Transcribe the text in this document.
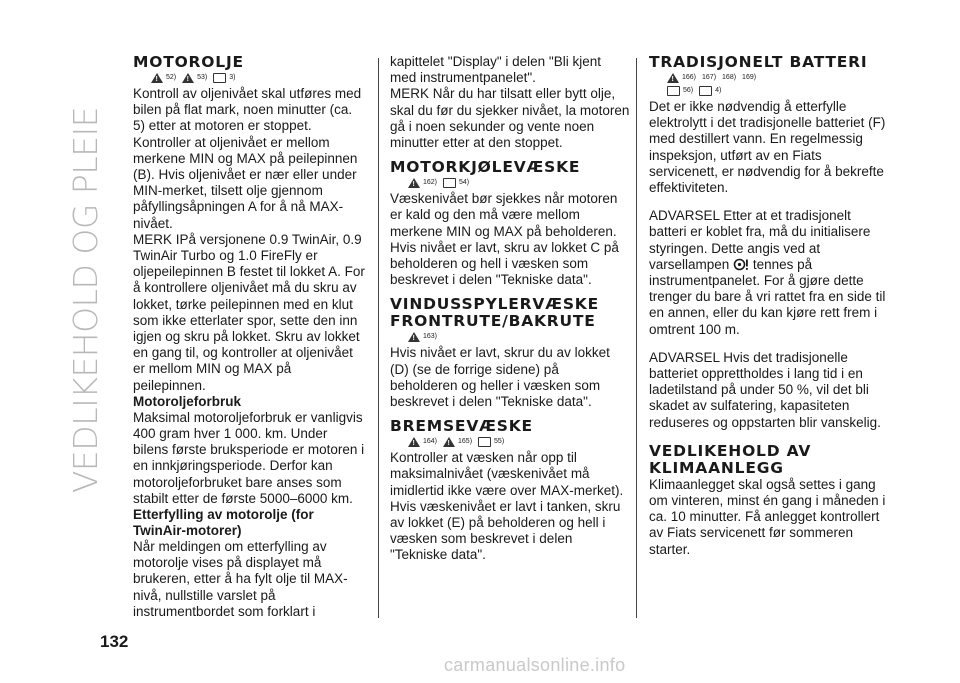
VEDLIKEHOLD OG PLEIE
MOTOROLJE
!
52) !	53)	3)

Kontroll av oljenivået skal utføres med bilen på flat mark, noen minutter (ca. 5) etter at motoren er stoppet.

Kontroller at oljenivået er mellom merkene MIN og MAX på peilepinnen (B). Hvis oljenivået er nær eller under MIN-merket, tilsett olje gjennom påfyllingsåpningen A for å nå MAX-nivået.

MERK IPå versjonene 0.9 TwinAir, 0.9 TwinAir Turbo og 1.0 FireFly er oljepeilepinnen B festet til lokket A. For å kontrollere oljenivået må du skru av lokket, tørke peilepinnen med en klut som ikke etterlater spor, sette den inn igjen og skru på lokket. Skru av lokket en gang til, og kontroller at oljenivået er mellom MIN og MAX på peilepinnen.

Motoroljeforbruk

Maksimal motoroljeforbruk er vanligvis 400 gram hver 1 000. km. Under bilens første bruksperiode er motoren i en innkjøringsperiode. Derfor kan motoroljeforbruket bare anses som stabilt etter de første 5000–6000 km.

Etterfylling av motorolje (for TwinAir-motorer)

Når meldingen om etterfylling av motorolje vises på displayet må brukeren, etter å ha fylt olje til MAX-nivå, nullstille varslet på instrumentbordet som forklart i

kapittelet "Display" i delen "Bli kjent med instrumentpanelet".

MERK Når du har tilsatt eller bytt olje, skal du før du sjekker nivået, la motoren gå i noen sekunder og vente noen minutter etter at den stoppet.

MOTORKJØLEVÆSKE
!
162)	54)

Væskenivået bør sjekkes når motoren er kald og den må være mellom merkene MIN og MAX på beholderen.

Hvis nivået er lavt, skru av lokket C på beholderen og hell i væsken som beskrevet i delen "Tekniske data".

VINDUSSPYLERVÆSKE
FRONTRUTE/BAKRUTE
!
163)

Hvis nivået er lavt, skrur du av lokket (D) (se de forrige sidene) på beholderen og heller i væsken som beskrevet i delen "Tekniske data".

BREMSEVÆSKE
!
164) !	165)	55)

Kontroller at væsken når opp til maksimalnivået (væskenivået må imidlertid ikke være over MAX-merket). Hvis væskenivået er lavt i tanken, skru av lokket (E) på beholderen og hell i væsken som beskrevet i delen "Tekniske data".

TRADISJONELT BATTERI
!
166) 167) 168) 169)
56)	4)

Det er ikke nødvendig å etterfylle elektrolytt i det tradisjonelle batteriet (F) med destillert vann. En regelmessig inspeksjon, utført av en Fiats servicenett, er nødvendig for å bekrefte effektiviteten.

ADVARSEL Etter at et tradisjonelt batteri er koblet fra, må du initialisere styringen. Dette angis ved at varsellampen tennes på instrumentpanelet. For å gjøre dette trenger du bare å vri rattet fra en side til en annen, eller du kan kjøre rett frem i omtrent 100 m.

ADVARSEL Hvis det tradisjonelle batteriet opprettholdes i lang tid i en ladetilstand på under 50 %, vil det bli skadet av sulfatering, kapasiteten reduseres og oppstarten blir vanskelig.

VEDLIKEHOLD AV
KLIMAANLEGG

Klimaanlegget skal også settes i gang om vinteren, minst én gang i måneden i ca. 10 minutter. Få anlegget kontrollert av Fiats servicenett før sommeren starter.

132
carmanualsonline.info
